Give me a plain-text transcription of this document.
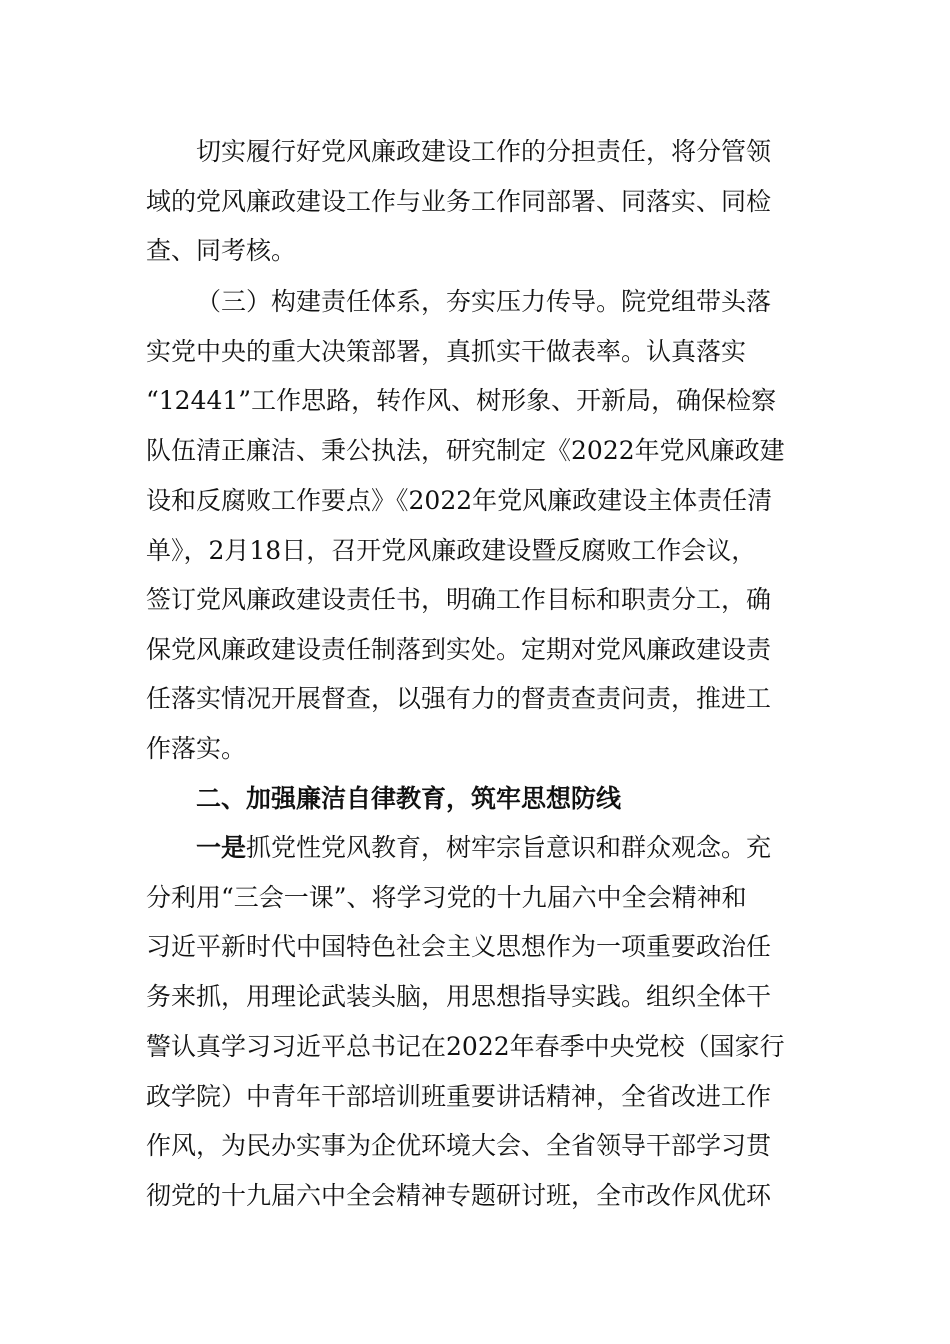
切实履行好党风廉政建设工作的分担责任，将分管领
域的党风廉政建设工作与业务工作同部署、同落实、同检
查、同考核。
（三）构建责任体系，夯实压力传导。院党组带头落
实党中央的重大决策部署，真抓实干做表率。认真落实
“12441”工作思路，转作风、树形象、开新局，确保检察
队伍清正廉洁、秉公执法，研究制定《2022年党风廉政建
设和反腐败工作要点》《2022年党风廉政建设主体责任清
单》，2月18日，召开党风廉政建设暨反腐败工作会议，
签订党风廉政建设责任书，明确工作目标和职责分工，确
保党风廉政建设责任制落到实处。定期对党风廉政建设责
任落实情况开展督查，以强有力的督责查责问责，推进工
作落实。
二、加强廉洁自律教育，筑牢思想防线
一是抓党性党风教育，树牢宗旨意识和群众观念。充
分利用“三会一课”、将学习党的十九届六中全会精神和
习近平新时代中国特色社会主义思想作为一项重要政治任
务来抓，用理论武装头脑，用思想指导实践。组织全体干
警认真学习习近平总书记在2022年春季中央党校（国家行
政学院）中青年干部培训班重要讲话精神，全省改进工作
作风，为民办实事为企优环境大会、全省领导干部学习贯
彻党的十九届六中全会精神专题研讨班，全市改作风优环
